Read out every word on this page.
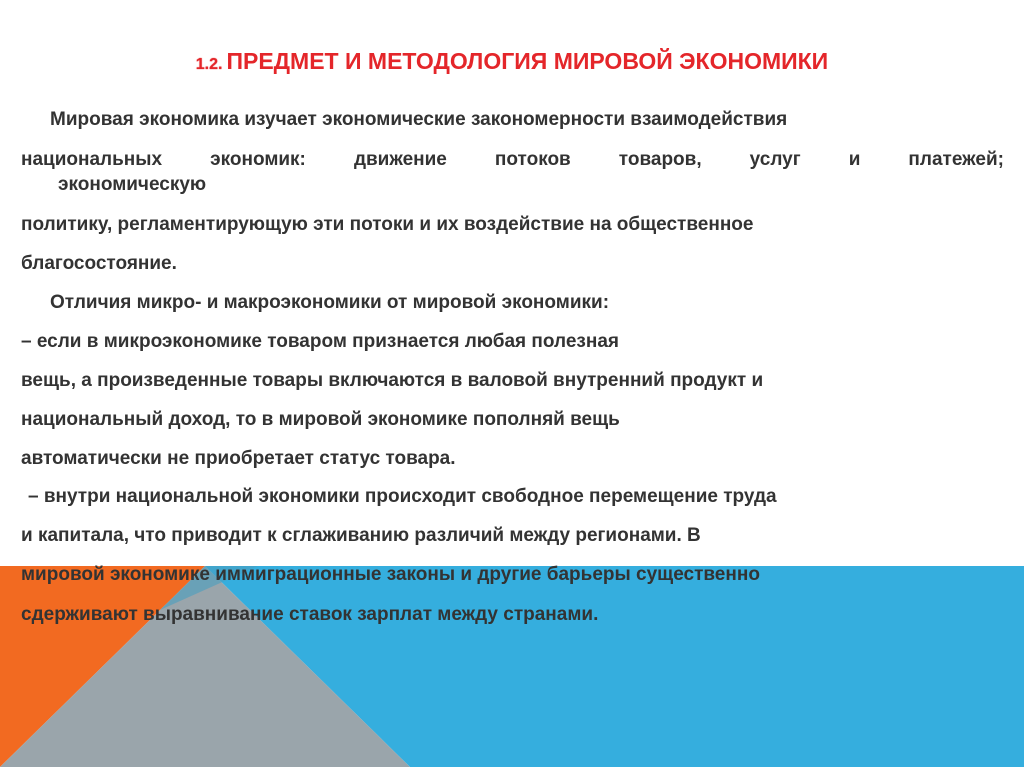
1.2. ПРЕДМЕТ И МЕТОДОЛОГИЯ МИРОВОЙ ЭКОНОМИКИ
Мировая экономика изучает экономические закономерности взаимодействия
национальных	экономик:	движение	потоков	товаров,	услуг	и	платежей;
экономическую
политику, регламентирующую эти потоки и их воздействие на общественное
благосостояние.
Отличия микро- и макроэкономики от мировой экономики:
– если в микроэкономике товаром признается любая полезная
вещь, а произведенные товары включаются в валовой внутренний продукт и
национальный доход, то в мировой экономике пополняй вещь
автоматически не приобретает статус товара.
– внутри национальной экономики происходит свободное перемещение труда
и капитала, что приводит к сглаживанию различий между регионами. В
мировой экономике иммиграционные законы и другие барьеры существенно
сдерживают выравнивание ставок зарплат между странами.
